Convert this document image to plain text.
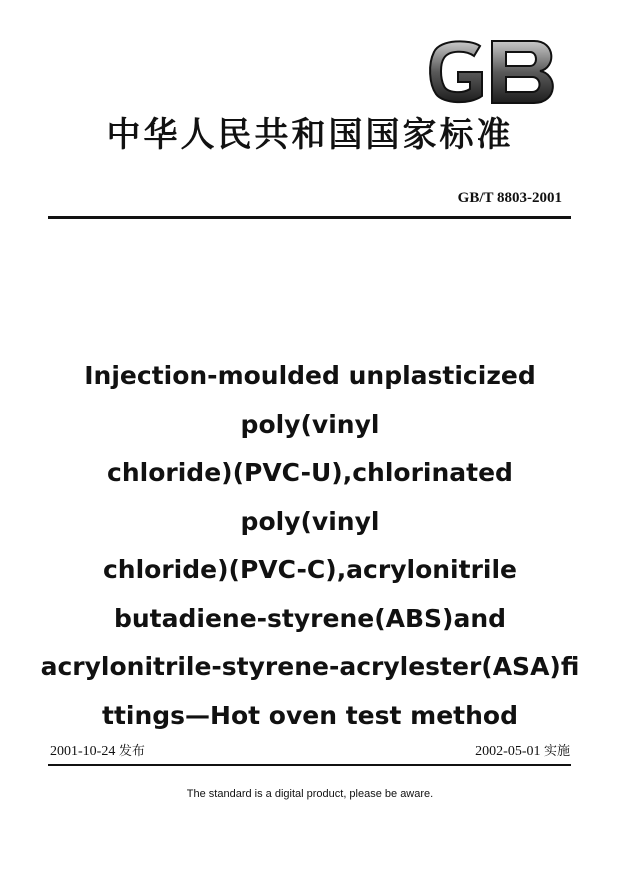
中华人民共和国国家标准
GB/T 8803-2001
Injection-moulded unplasticized
poly(vinyl
chloride)(PVC-U),chlorinated
poly(vinyl
chloride)(PVC-C),acrylonitrile
butadiene-styrene(ABS)and
acrylonitrile-styrene-acrylester(ASA)fi
ttings—Hot oven test method
2001-10-24 发布	2002-05-01 实施
The standard is a digital product, please be aware.
